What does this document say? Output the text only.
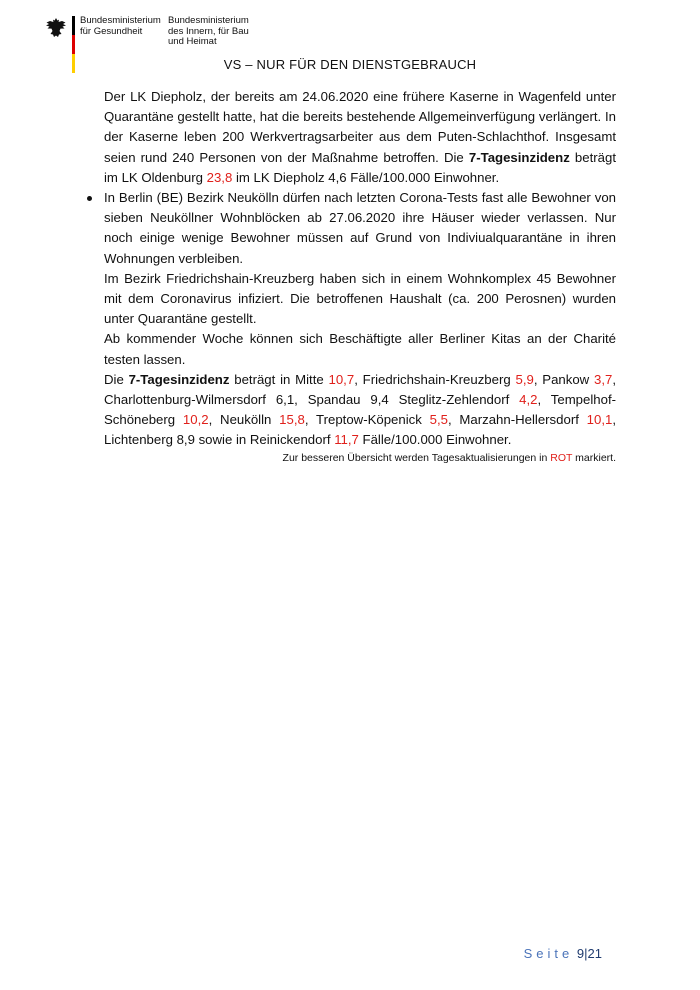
Bundesministerium
für Gesundheit
Bundesministerium
des Innern, für Bau
und Heimat
VS – NUR FÜR DEN DIENSTGEBRAUCH

Der LK Diepholz, der bereits am 24.06.2020 eine frühere Kaserne in Wagenfeld unter Quarantäne gestellt hatte, hat die bereits bestehende Allgemeinverfügung verlängert. In der Kaserne leben 200 Werkvertragsarbeiter aus dem Puten-Schlachthof. Insgesamt seien rund 240 Personen von der Maßnahme betroffen. Die 7-Tagesinzidenz beträgt im LK Oldenburg 23,8 im LK Diepholz 4,6 Fälle/100.000 Einwohner.

In Berlin (BE) Bezirk Neukölln dürfen nach letzten Corona-Tests fast alle Bewohner von sieben Neuköllner Wohnblöcken ab 27.06.2020 ihre Häuser wieder verlassen. Nur noch einige wenige Bewohner müssen auf Grund von Indiviualquarantäne in ihren Wohnungen verbleiben.

Im Bezirk Friedrichshain-Kreuzberg haben sich in einem Wohnkomplex 45 Bewohner mit dem Coronavirus infiziert. Die betroffenen Haushalt (ca. 200 Perosnen) wurden unter Quarantäne gestellt.

Ab kommender Woche können sich Beschäftigte aller Berliner Kitas an der Charité testen lassen.

Die 7-Tagesinzidenz beträgt in Mitte 10,7, Friedrichshain-Kreuzberg 5,9, Pankow 3,7, Charlottenburg-Wilmersdorf 6,1, Spandau 9,4 Steglitz-Zehlendorf 4,2, Tempelhof-Schöneberg 10,2, Neukölln 15,8, Treptow-Köpenick 5,5, Marzahn-Hellersdorf 10,1, Lichtenberg 8,9 sowie in Reinickendorf 11,7 Fälle/100.000 Einwohner.

Zur besseren Übersicht werden Tagesaktualisierungen in ROT markiert.
Seite 9|21
